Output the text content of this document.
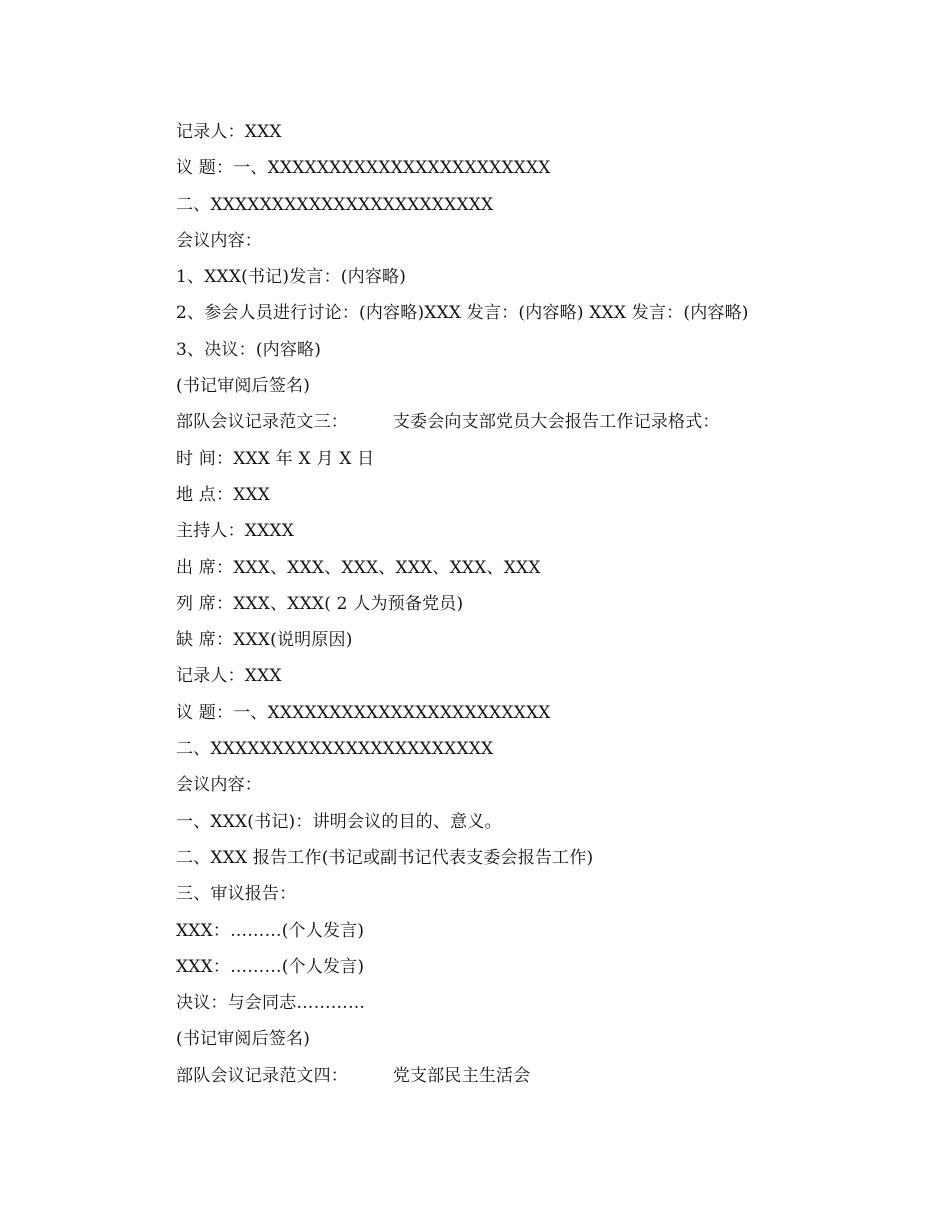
记录人：XXX
议 题：一、XXXXXXXXXXXXXXXXXXXXXXX
二、XXXXXXXXXXXXXXXXXXXXXXX
会议内容：
1、XXX(书记)发言：(内容略)
2、参会人员进行讨论：(内容略)XXX 发言：(内容略) XXX 发言：(内容略)
3、决议：(内容略)
(书记审阅后签名)
部队会议记录范文三：        支委会向支部党员大会报告工作记录格式：
时 间：XXX 年 X 月 X 日
地 点：XXX
主持人：XXXX
出 席：XXX、XXX、XXX、XXX、XXX、XXX
列 席：XXX、XXX( 2 人为预备党员)
缺 席：XXX(说明原因)
记录人：XXX
议 题：一、XXXXXXXXXXXXXXXXXXXXXXX
二、XXXXXXXXXXXXXXXXXXXXXXX
会议内容：
一、XXX(书记)：讲明会议的目的、意义。
二、XXX 报告工作(书记或副书记代表支委会报告工作)
三、审议报告：
XXX：………(个人发言)
XXX：………(个人发言)
决议：与会同志…………
(书记审阅后签名)
部队会议记录范文四：        党支部民主生活会
